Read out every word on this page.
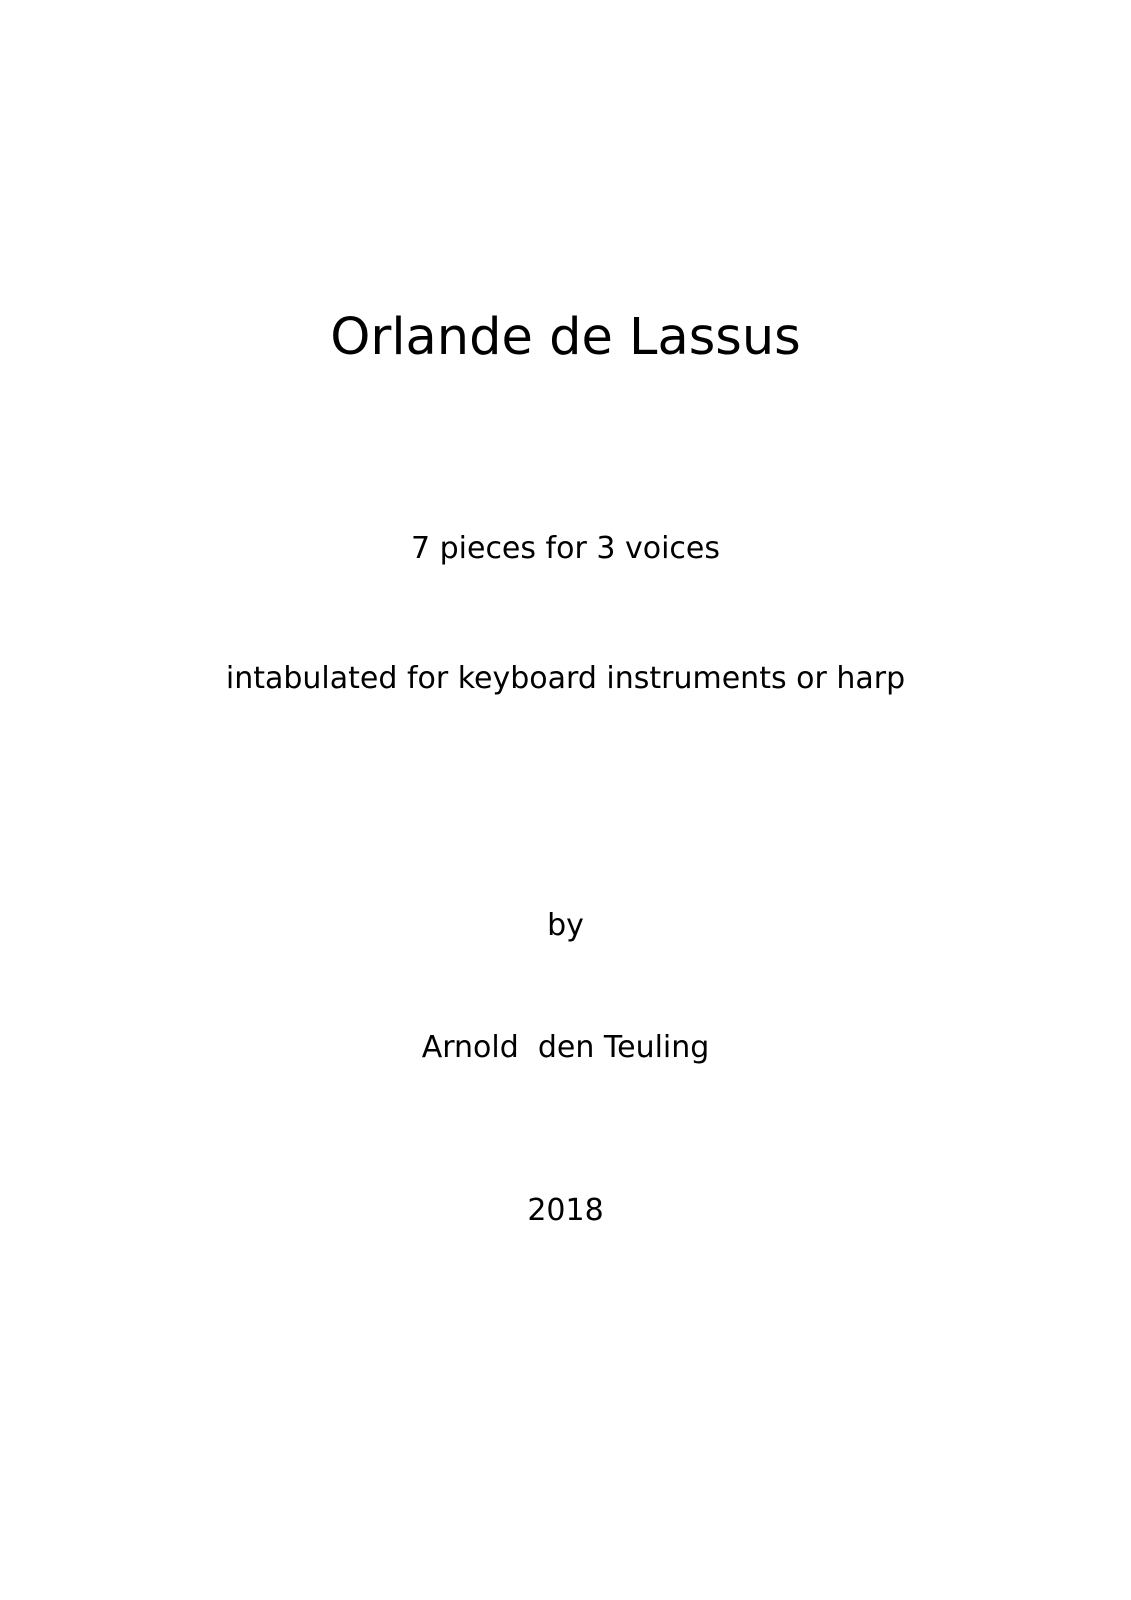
Orlande de Lassus
7 pieces for 3 voices
intabulated for keyboard instruments or harp
by
Arnold  den Teuling
2018
